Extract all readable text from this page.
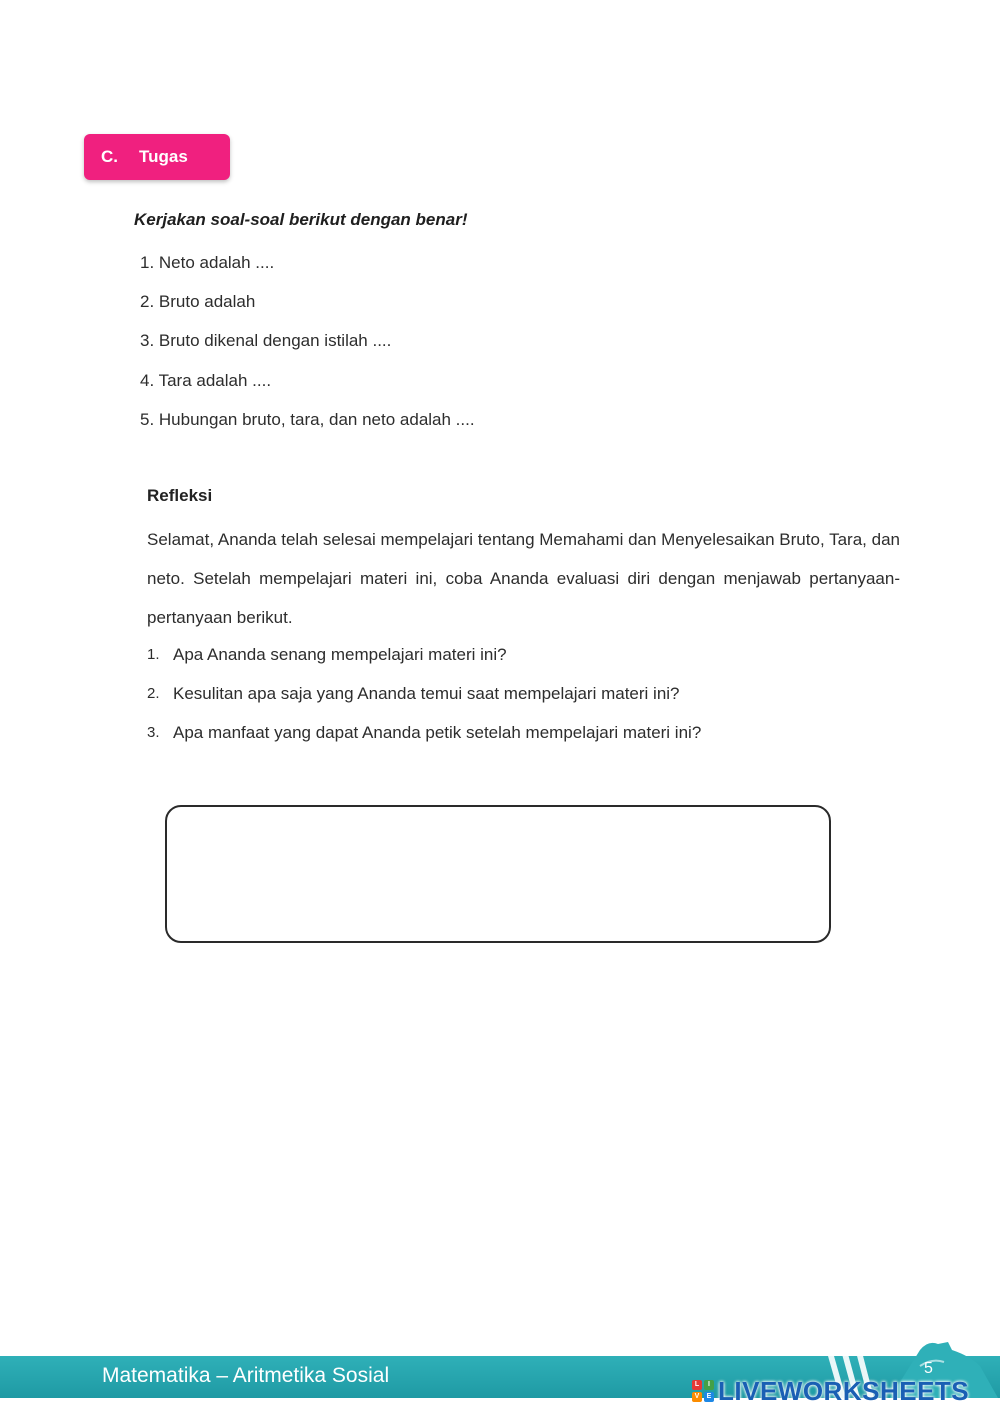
C.	Tugas
Kerjakan soal-soal berikut dengan benar!
1. Neto adalah ....
2. Bruto adalah
3. Bruto dikenal dengan istilah ....
4. Tara adalah ....
5. Hubungan bruto, tara, dan neto adalah ....
Refleksi

Selamat, Ananda telah selesai mempelajari tentang Memahami dan Menyelesaikan Bruto, Tara, dan neto. Setelah mempelajari materi ini, coba Ananda evaluasi diri dengan menjawab pertanyaan-pertanyaan berikut.

1. Apa Ananda senang mempelajari materi ini?
2. Kesulitan apa saja yang Ananda temui saat mempelajari materi ini?
3. Apa manfaat yang dapat Ananda petik setelah mempelajari materi ini?
Matematika – Aritmetika Sosial	5
L	I
V	E LIVEWORKSHEETS
